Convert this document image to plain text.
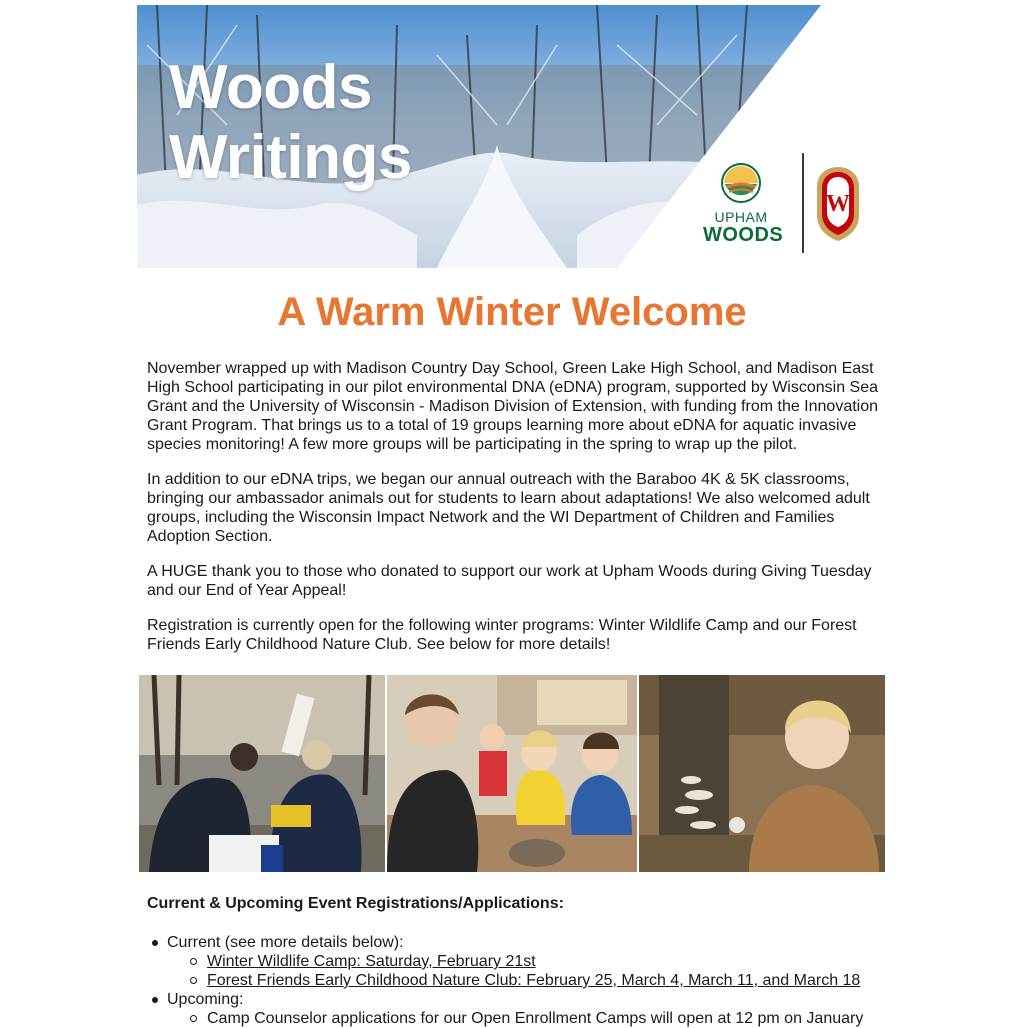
Woods
Writings
UPHAM
WOODS
W
A Warm Winter Welcome

November wrapped up with Madison Country Day School, Green Lake High School, and Madison East High School participating in our pilot environmental DNA (eDNA) program, supported by Wisconsin Sea Grant and the University of Wisconsin - Madison Division of Extension, with funding from the Innovation Grant Program. That brings us to a total of 19 groups learning more about eDNA for aquatic invasive species monitoring! A few more groups will be participating in the spring to wrap up the pilot.

In addition to our eDNA trips, we began our annual outreach with the Baraboo 4K & 5K classrooms, bringing our ambassador animals out for students to learn about adaptations! We also welcomed adult groups, including the Wisconsin Impact Network and the WI Department of Children and Families Adoption Section.

A HUGE thank you to those who donated to support our work at Upham Woods during Giving Tuesday and our End of Year Appeal!

Registration is currently open for the following winter programs: Winter Wildlife Camp and our Forest Friends Early Childhood Nature Club. See below for more details!

Current & Upcoming Event Registrations/Applications:

Current (see more details below):
Winter Wildlife Camp: Saturday, February 21st
Forest Friends Early Childhood Nature Club: February 25, March 4, March 11, and March 18
Upcoming:
Camp Counselor applications for our Open Enrollment Camps will open at 12 pm on January
